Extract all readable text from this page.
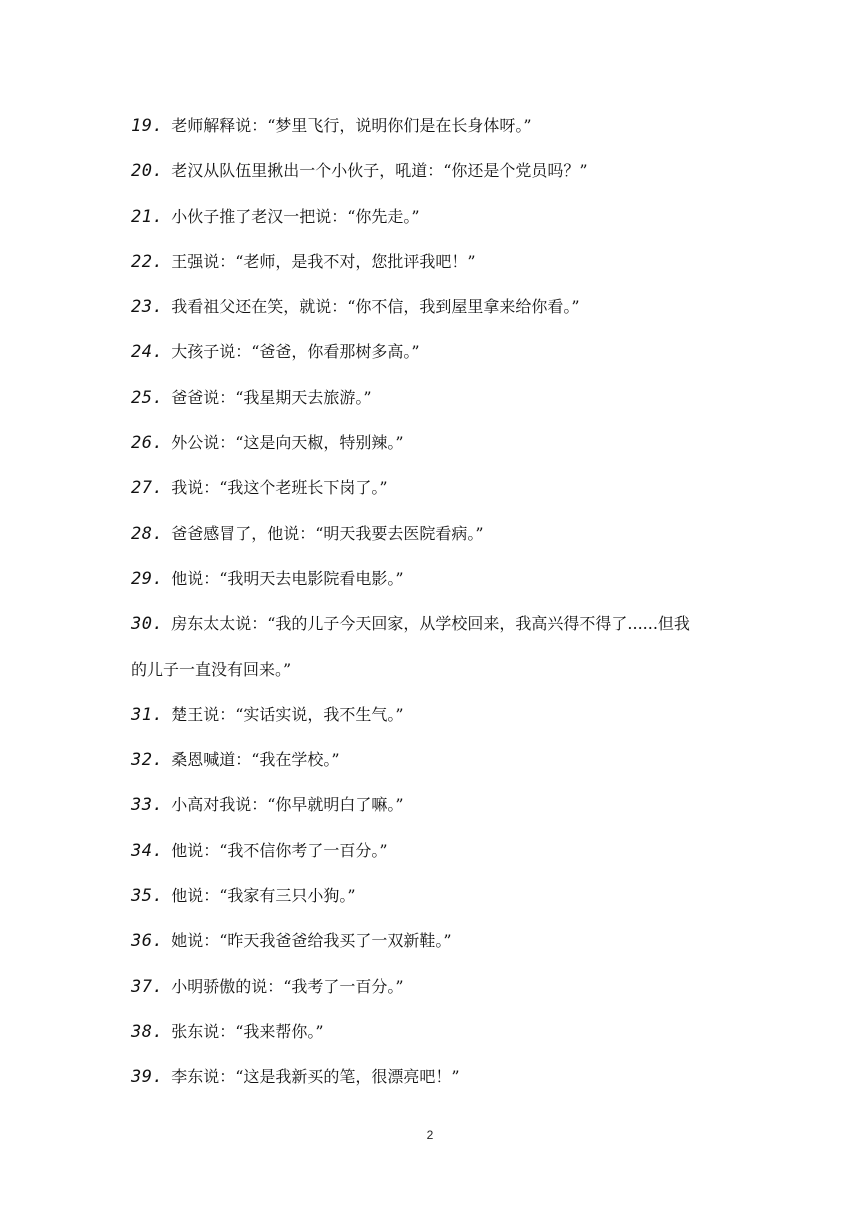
19. 老师解释说：“梦里飞行，说明你们是在长身体呀。”
20. 老汉从队伍里揪出一个小伙子，吼道：“你还是个党员吗？”
21. 小伙子推了老汉一把说：“你先走。”
22. 王强说：“老师，是我不对，您批评我吧！”
23. 我看祖父还在笑，就说：“你不信，我到屋里拿来给你看。”
24. 大孩子说：“爸爸，你看那树多高。”
25. 爸爸说：“我星期天去旅游。”
26. 外公说：“这是向天椒，特别辣。”
27. 我说：“我这个老班长下岗了。”
28. 爸爸感冒了，他说：“明天我要去医院看病。”
29. 他说：“我明天去电影院看电影。”
30. 房东太太说：“我的儿子今天回家，从学校回来，我高兴得不得了......但我
的儿子一直没有回来。”
31. 楚王说：“实话实说，我不生气。”
32. 桑恩喊道：“我在学校。”
33. 小高对我说：“你早就明白了嘛。”
34. 他说：“我不信你考了一百分。”
35. 他说：“我家有三只小狗。”
36. 她说：“昨天我爸爸给我买了一双新鞋。”
37. 小明骄傲的说：“我考了一百分。”
38. 张东说：“我来帮你。”
39. 李东说：“这是我新买的笔，很漂亮吧！”
2
